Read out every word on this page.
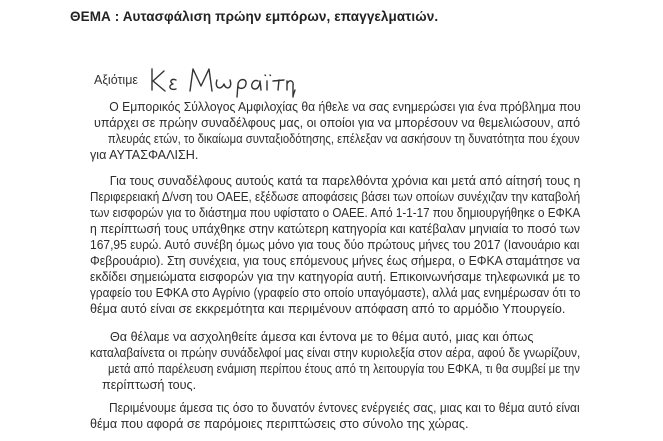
ΘΕΜΑ : Αυτασφάλιση πρώην εμπόρων, επαγγελματιών.
Αξιότιμε
Ο Εμπορικός Σύλλογος Αμφιλοχίας θα ήθελε να σας ενημερώσει για ένα πρόβλημα που
υπάρχει σε πρώην συναδέλφους μας, οι οποίοι για να μπορέσουν να θεμελιώσουν, από
πλευράς ετών, το δικαίωμα συνταξιοδότησης, επέλεξαν να ασκήσουν τη δυνατότητα που έχουν
για ΑΥΤΑΣΦΑΛΙΣΗ.
Για τους συναδέλφους αυτούς κατά τα παρελθόντα χρόνια και μετά από αίτησή τους η
Περιφερειακή Δ/νση του ΟΑΕΕ, εξέδωσε αποφάσεις βάσει των οποίων συνέχιζαν την καταβολή
των εισφορών για το διάστημα που υφίστατο ο ΟΑΕΕ. Από 1-1-17 που δημιουργήθηκε ο ΕΦΚΑ
η περίπτωσή τους υπάχθηκε στην κατώτερη κατηγορία και κατέβαλαν μηνιαία το ποσό των
167,95 ευρώ. Αυτό συνέβη όμως μόνο για τους δύο πρώτους μήνες του 2017 (Ιανουάριο και
Φεβρουάριο). Στη συνέχεια, για τους επόμενους μήνες έως σήμερα, ο ΕΦΚΑ σταμάτησε να
εκδίδει σημειώματα εισφορών για την κατηγορία αυτή. Επικοινωνήσαμε τηλεφωνικά με το
γραφείο του ΕΦΚΑ στο Αγρίνιο (γραφείο στο οποίο υπαγόμαστε), αλλά μας ενημέρωσαν ότι το
θέμα αυτό είναι σε εκκρεμότητα και περιμένουν απόφαση από το αρμόδιο Υπουργείο.
Θα θέλαμε να ασχοληθείτε άμεσα και έντονα με το θέμα αυτό, μιας και όπως
καταλαβαίνετα οι πρώην συνάδελφοί μας είναι στην κυριολεξία στον αέρα, αφού δε γνωρίζουν,
μετά από παρέλευση ενάμιση περίπου έτους από τη λειτουργία του ΕΦΚΑ, τι θα συμβεί με την
περίπτωσή τους.
Περιμένουμε άμεσα τις όσο το δυνατόν έντονες ενέργειές σας, μιας και το θέμα αυτό είναι
θέμα που αφορά σε παρόμοιες περιπτώσεις στο σύνολο της χώρας.
